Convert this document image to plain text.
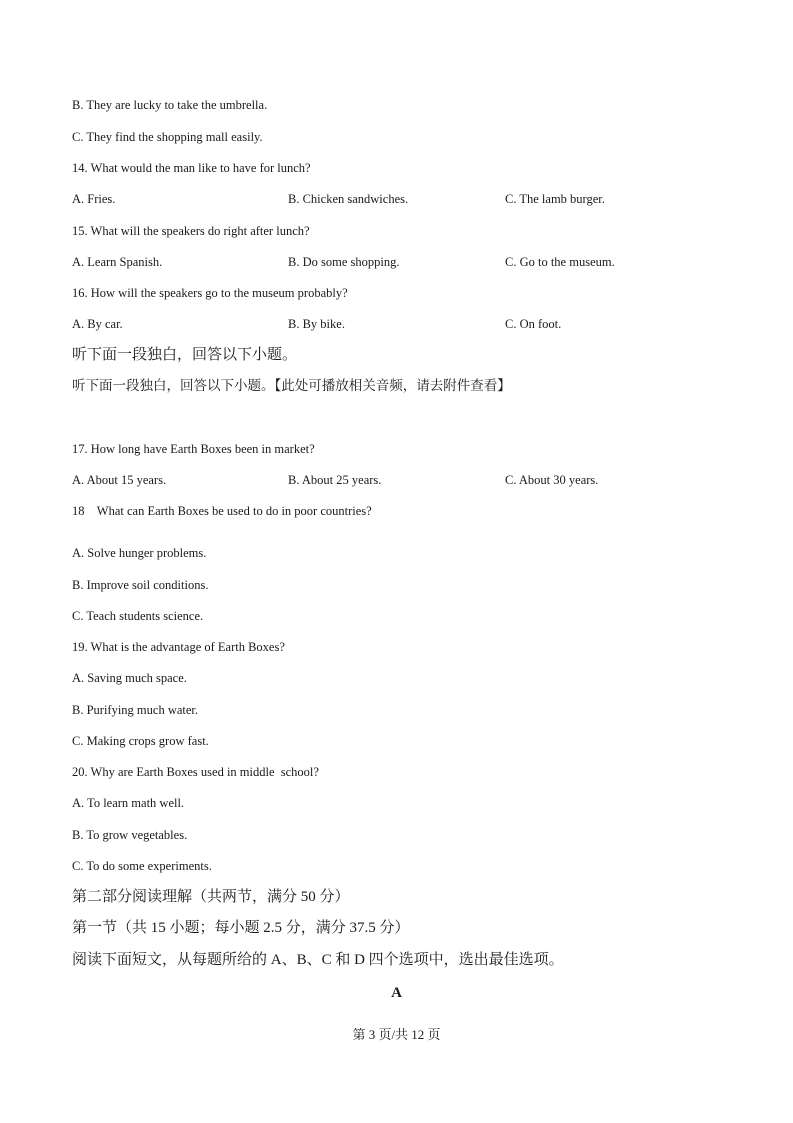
B. They are lucky to take the umbrella.
C. They find the shopping mall easily.
14. What would the man like to have for lunch?
A. Fries.	B. Chicken sandwiches.	C. The lamb burger.
15. What will the speakers do right after lunch?
A. Learn Spanish.	B. Do some shopping.	C. Go to the museum.
16. How will the speakers go to the museum probably?
A. By car.	B. By bike.	C. On foot.
听下面一段独白，回答以下小题。
听下面一段独白，回答以下小题。【此处可播放相关音频，请去附件查看】
17. How long have Earth Boxes been in market?
A. About 15 years.	B. About 25 years.	C. About 30 years.
18    What can Earth Boxes be used to do in poor countries?
A. Solve hunger problems.
B. Improve soil conditions.
C. Teach students science.
19. What is the advantage of Earth Boxes?
A. Saving much space.
B. Purifying much water.
C. Making crops grow fast.
20. Why are Earth Boxes used in middle  school?
A. To learn math well.
B. To grow vegetables.
C. To do some experiments.
第二部分阅读理解（共两节，满分 50 分）
第一节（共 15 小题；每小题 2.5 分，满分 37.5 分）
阅读下面短文，从每题所给的 A、B、C 和 D 四个选项中，选出最佳选项。
A
第 3 页/共 12 页
